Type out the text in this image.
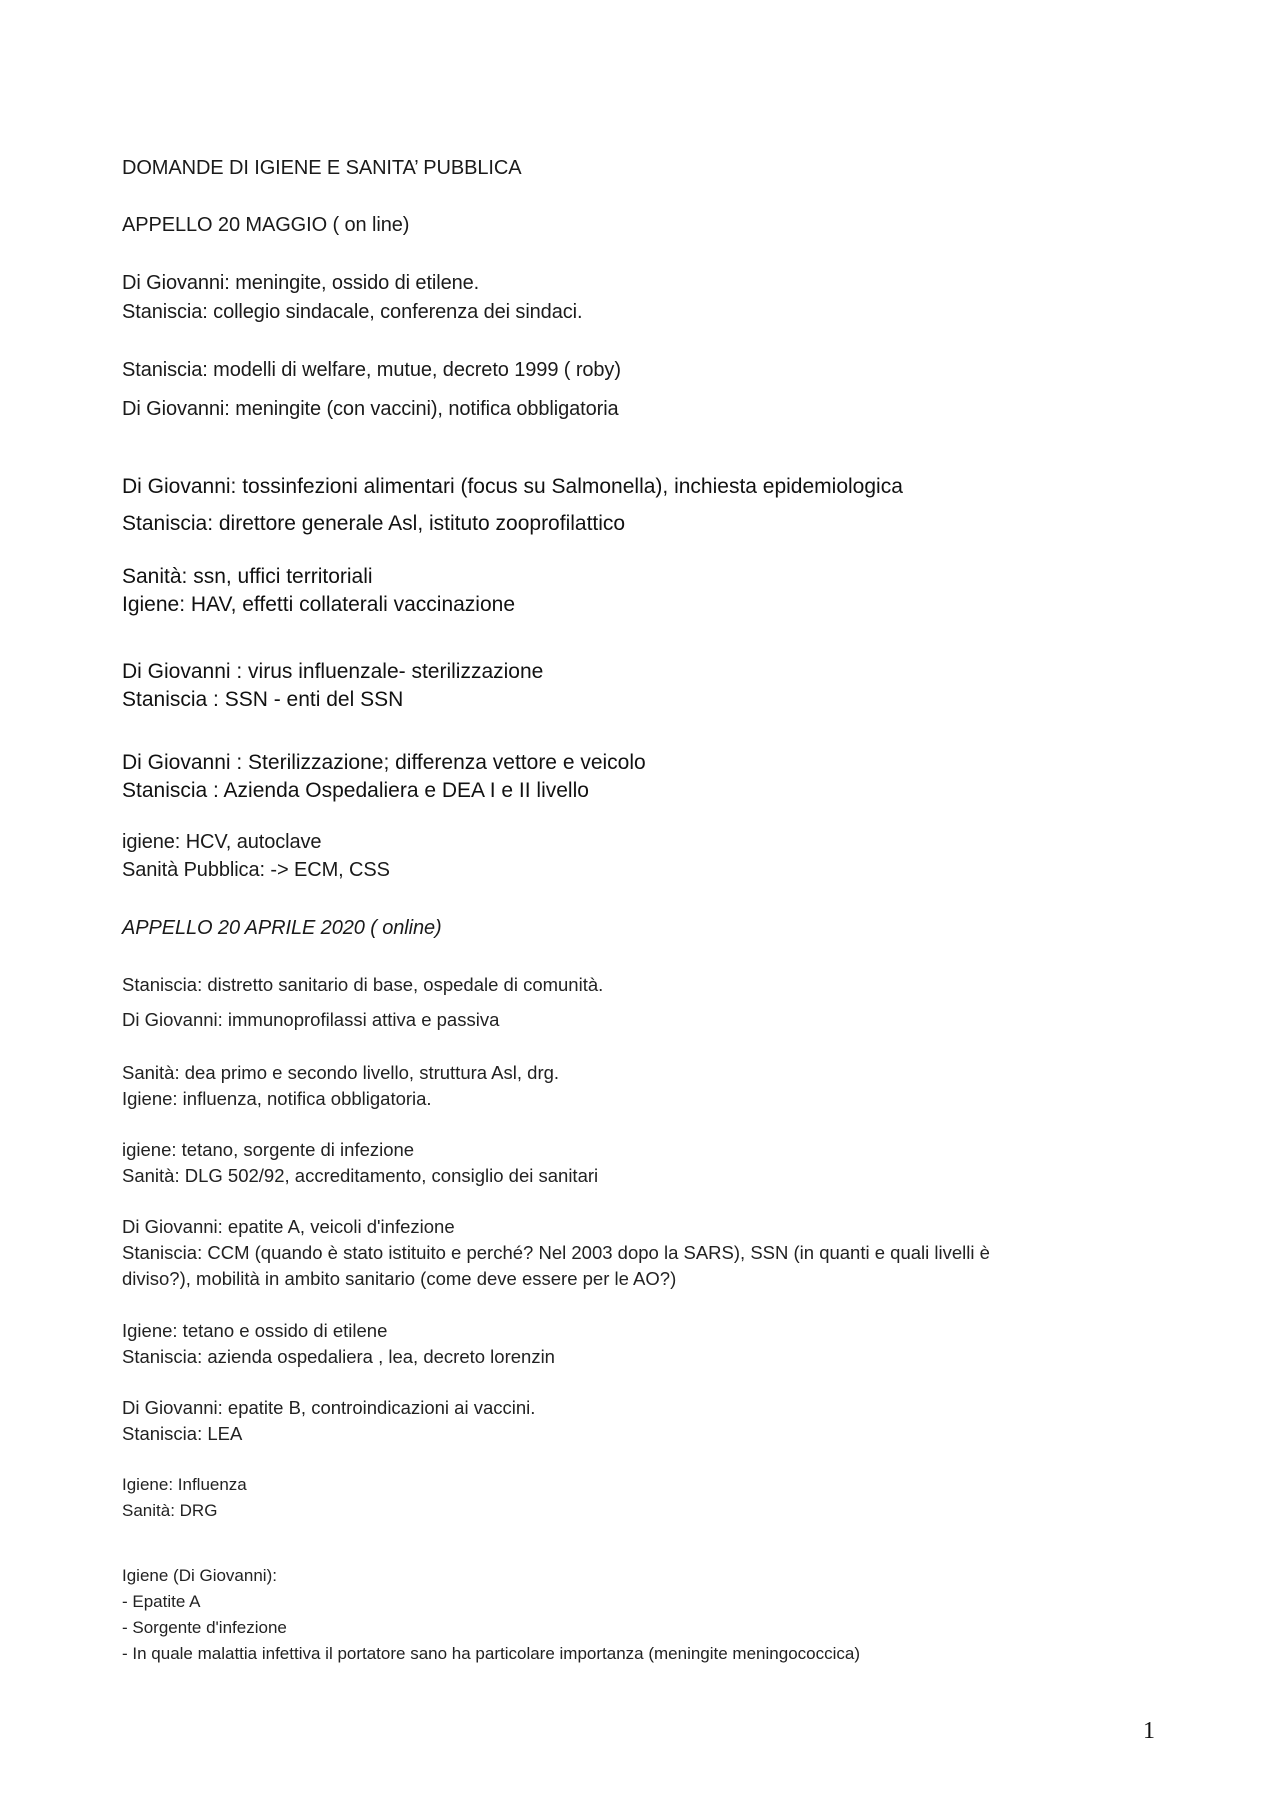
DOMANDE DI IGIENE E SANITA’ PUBBLICA

APPELLO 20 MAGGIO ( on line)

Di Giovanni: meningite, ossido di etilene.

Staniscia: collegio sindacale, conferenza dei sindaci.

Staniscia: modelli di welfare, mutue, decreto 1999 ( roby)

Di Giovanni: meningite (con vaccini), notifica obbligatoria

Di Giovanni: tossinfezioni alimentari (focus su Salmonella), inchiesta epidemiologica

Staniscia: direttore generale Asl, istituto zooprofilattico

Sanità: ssn, uffici territoriali

Igiene: HAV, effetti collaterali vaccinazione

Di Giovanni : virus influenzale- sterilizzazione

Staniscia : SSN - enti del SSN

Di Giovanni : Sterilizzazione; differenza vettore e veicolo

Staniscia : Azienda Ospedaliera e DEA I e II livello

igiene: HCV, autoclave

Sanità Pubblica: -> ECM, CSS

APPELLO 20 APRILE 2020 ( online)

Staniscia: distretto sanitario di base, ospedale di comunità.

Di Giovanni: immunoprofilassi attiva e passiva

Sanità: dea primo e secondo livello, struttura Asl, drg.

Igiene: influenza, notifica obbligatoria.

igiene: tetano, sorgente di infezione

Sanità: DLG 502/92, accreditamento, consiglio dei sanitari

Di Giovanni: epatite A, veicoli d'infezione

Staniscia: CCM (quando è stato istituito e perché? Nel 2003 dopo la SARS), SSN (in quanti e quali livelli è

diviso?), mobilità in ambito sanitario (come deve essere per le AO?)

Igiene: tetano e ossido di etilene

Staniscia: azienda ospedaliera , lea, decreto lorenzin

Di Giovanni: epatite B, controindicazioni ai vaccini.

Staniscia: LEA

Igiene: Influenza

Sanità: DRG

Igiene (Di Giovanni):

- Epatite A

- Sorgente d'infezione

- In quale malattia infettiva il portatore sano ha particolare importanza (meningite meningococcica)

1
